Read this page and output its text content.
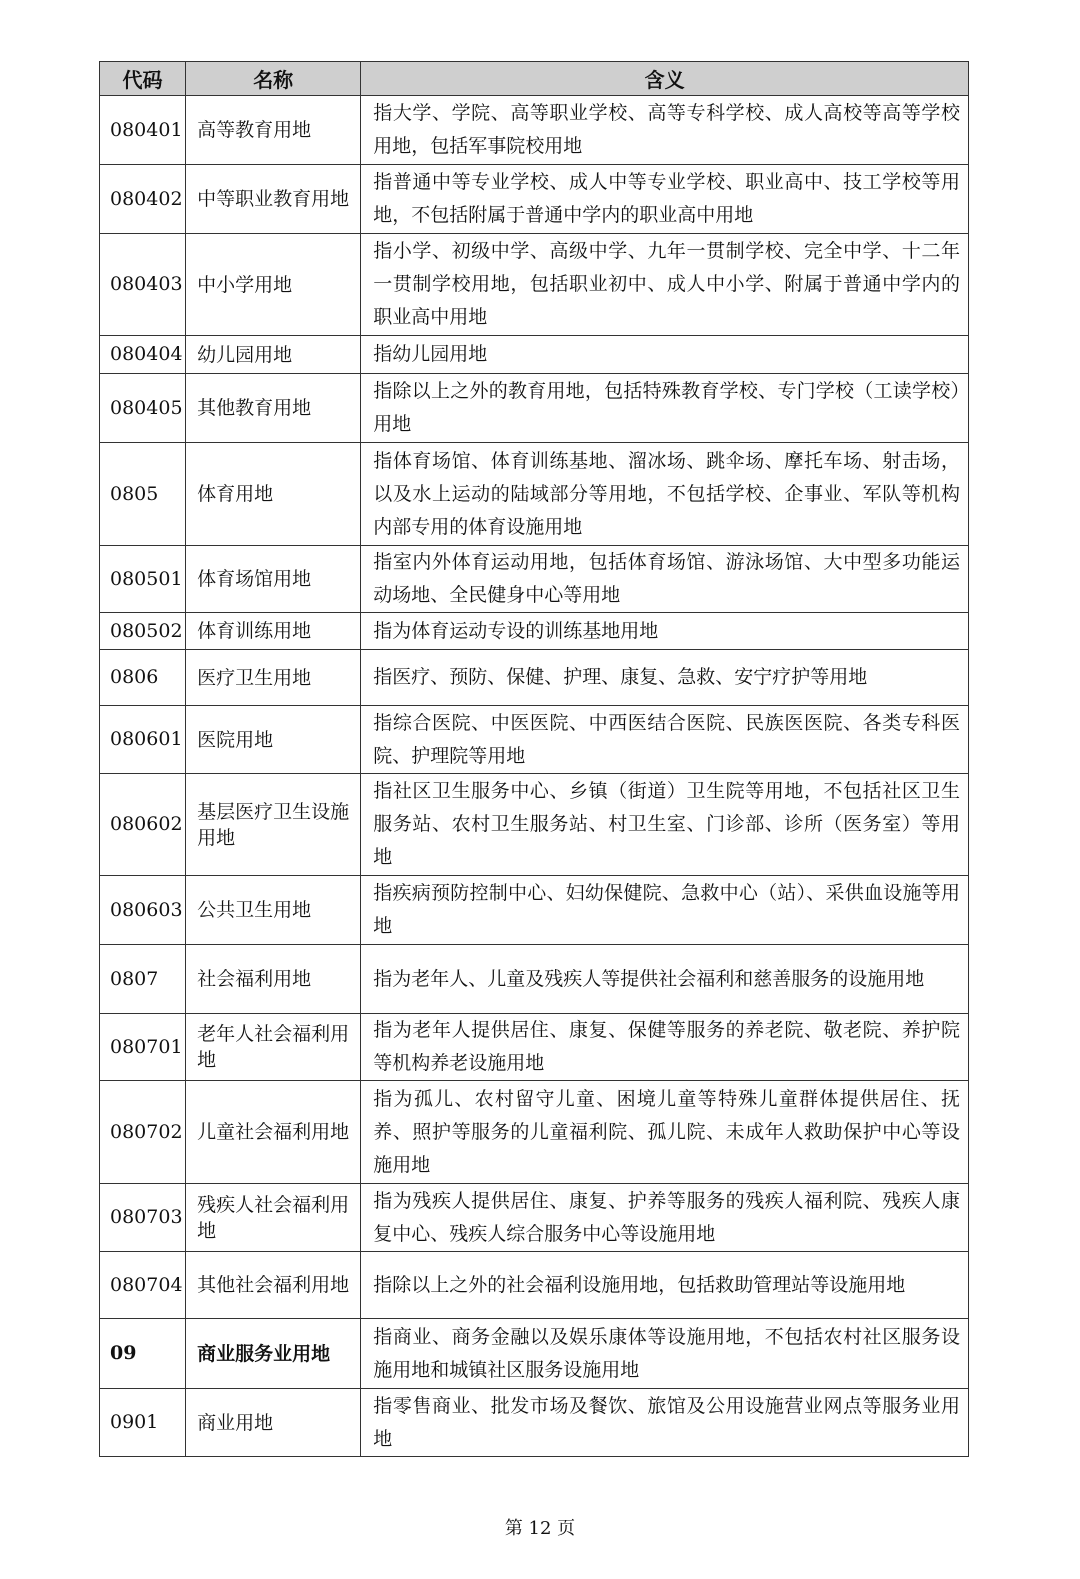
代码	名称	含义
080401	高等教育用地	指大学、学院、高等职业学校、高等专科学校、成人高校等高等学校用地，包括军事院校用地
080402	中等职业教育用地	指普通中等专业学校、成人中等专业学校、职业高中、技工学校等用地，不包括附属于普通中学内的职业高中用地
080403	中小学用地	指小学、初级中学、高级中学、九年一贯制学校、完全中学、十二年一贯制学校用地，包括职业初中、成人中小学、附属于普通中学内的职业高中用地
080404	幼儿园用地	指幼儿园用地
080405	其他教育用地	指除以上之外的教育用地，包括特殊教育学校、专门学校（工读学校）用地
0805	体育用地	指体育场馆、体育训练基地、溜冰场、跳伞场、摩托车场、射击场，以及水上运动的陆域部分等用地，不包括学校、企事业、军队等机构内部专用的体育设施用地
080501	体育场馆用地	指室内外体育运动用地，包括体育场馆、游泳场馆、大中型多功能运动场地、全民健身中心等用地
080502	体育训练用地	指为体育运动专设的训练基地用地
0806	医疗卫生用地	指医疗、预防、保健、护理、康复、急救、安宁疗护等用地
080601	医院用地	指综合医院、中医医院、中西医结合医院、民族医医院、各类专科医院、护理院等用地
080602	基层医疗卫生设施用地	指社区卫生服务中心、乡镇（街道）卫生院等用地，不包括社区卫生服务站、农村卫生服务站、村卫生室、门诊部、诊所（医务室）等用地
080603	公共卫生用地	指疾病预防控制中心、妇幼保健院、急救中心（站）、采供血设施等用地
0807	社会福利用地	指为老年人、儿童及残疾人等提供社会福利和慈善服务的设施用地
080701	老年人社会福利用地	指为老年人提供居住、康复、保健等服务的养老院、敬老院、养护院等机构养老设施用地
080702	儿童社会福利用地	指为孤儿、农村留守儿童、困境儿童等特殊儿童群体提供居住、抚养、照护等服务的儿童福利院、孤儿院、未成年人救助保护中心等设施用地
080703	残疾人社会福利用地	指为残疾人提供居住、康复、护养等服务的残疾人福利院、残疾人康复中心、残疾人综合服务中心等设施用地
080704	其他社会福利用地	指除以上之外的社会福利设施用地，包括救助管理站等设施用地
09	商业服务业用地	指商业、商务金融以及娱乐康体等设施用地，不包括农村社区服务设施用地和城镇社区服务设施用地
0901	商业用地	指零售商业、批发市场及餐饮、旅馆及公用设施营业网点等服务业用地
第 12 页
